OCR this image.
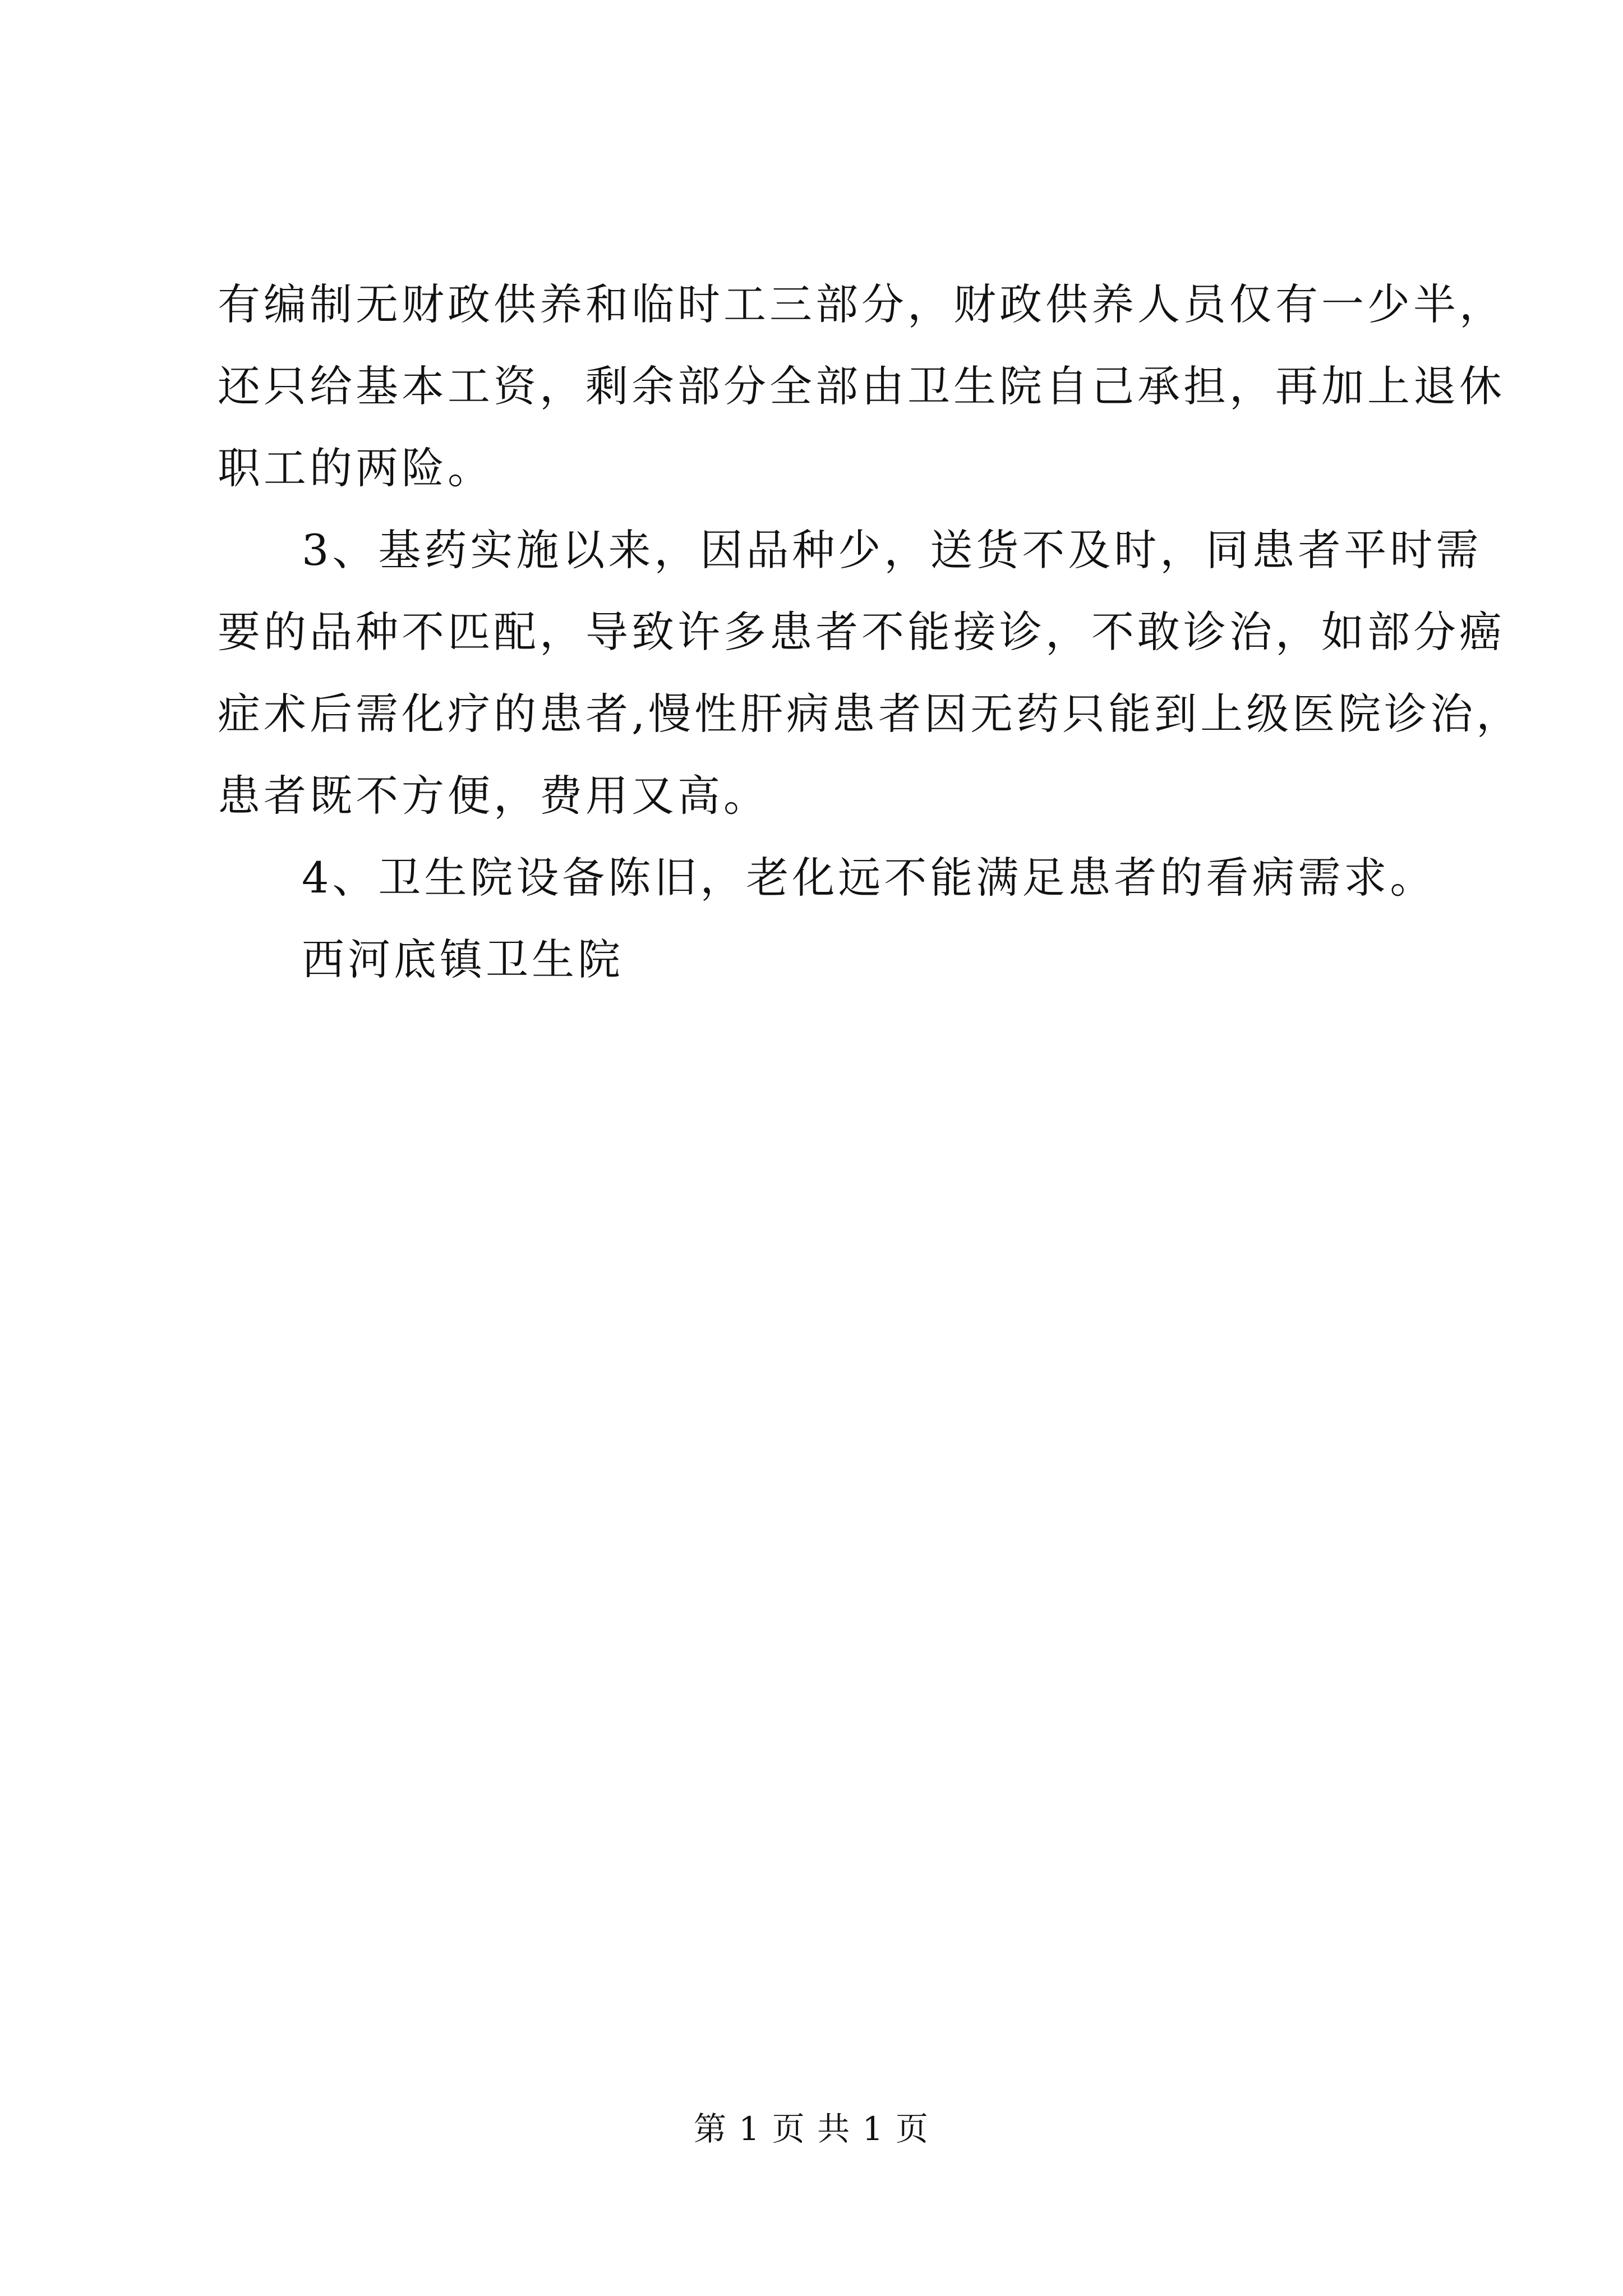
有编制无财政供养和临时工三部分，财政供养人员仅有一少半，
还只给基本工资，剩余部分全部由卫生院自己承担，再加上退休
职工的两险。
3、基药实施以来，因品种少，送货不及时，同患者平时需
要的品种不匹配，导致许多患者不能接诊，不敢诊治，如部分癌
症术后需化疗的患者,慢性肝病患者因无药只能到上级医院诊治，
患者既不方便，费用又高。
4、卫生院设备陈旧，老化远不能满足患者的看病需求。
西河底镇卫生院
第 1 页 共 1 页
